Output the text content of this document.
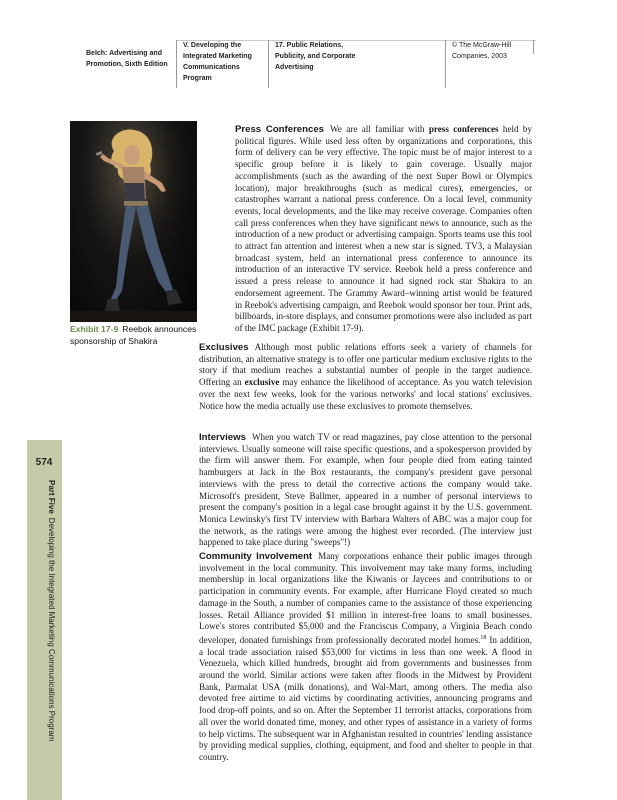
Belch: Advertising and
Promotion, Sixth Edition
V. Developing the
Integrated Marketing
Communications Program
17. Public Relations,
Publicity, and Corporate
Advertising
© The McGraw-Hill
Companies, 2003
Exhibit 17-9 Reebok announces sponsorship of Shakira
574
Part FiveDeveloping the Integrated Marketing Communications Program

Press Conferences We are all familiar with press conferences held by political figures. While used less often by organizations and corporations, this form of delivery can be very effective. The topic must be of major interest to a specific group before it is likely to gain coverage. Usually major accomplishments (such as the awarding of the next Super Bowl or Olympics location), major breakthroughs (such as medical cures), emergencies, or catastrophes warrant a national press conference. On a local level, community events, local developments, and the like may receive coverage. Companies often call press conferences when they have significant news to announce, such as the introduction of a new product or advertising campaign. Sports teams use this tool to attract fan attention and interest when a new star is signed. TV3, a Malaysian broadcast system, held an international press conference to announce its introduction of an interactive TV service. Reebok held a press conference and issued a press release to announce it had signed rock star Shakira to an endorsement agreement. The Grammy Award–winning artist would be featured in Reebok's advertising campaign, and Reebok would sponsor her tour. Print ads, billboards, in-store displays, and consumer promotions were also included as part of the IMC package (Exhibit 17-9).

Exclusives Although most public relations efforts seek a variety of channels for distribution, an alternative strategy is to offer one particular medium exclusive rights to the story if that medium reaches a substantial number of people in the target audience. Offering an exclusive may enhance the likelihood of acceptance. As you watch television over the next few weeks, look for the various networks' and local stations' exclusives. Notice how the media actually use these exclusives to promote themselves.

Interviews When you watch TV or read magazines, pay close attention to the personal interviews. Usually someone will raise specific questions, and a spokesperson provided by the firm will answer them. For example, when four people died from eating tainted hamburgers at Jack in the Box restaurants, the company's president gave personal interviews with the press to detail the corrective actions the company would take. Microsoft's president, Steve Ballmer, appeared in a number of personal interviews to present the company's position in a legal case brought against it by the U.S. government. Monica Lewinsky's first TV interview with Barbara Walters of ABC was a major coup for the network, as the ratings were among the highest ever recorded. (The interview just happened to take place during "sweeps"!)

Community Involvement Many corporations enhance their public images through involvement in the local community. This involvement may take many forms, including membership in local organizations like the Kiwanis or Jaycees and contributions to or participation in community events. For example, after Hurricane Floyd created so much damage in the South, a number of companies came to the assistance of those experiencing losses. Retail Alliance provided $1 million in interest-free loans to small businesses. Lowe's stores contributed $5,000 and the Franciscus Company, a Virginia Beach condo developer, donated furnishings from professionally decorated model homes.$^{18}$ In addition, a local trade association raised $53,000 for victims in less than one week. A flood in Venezuela, which killed hundreds, brought aid from governments and businesses from around the world. Similar actions were taken after floods in the Midwest by Provident Bank, Parmalat USA (milk donations), and Wal-Mart, among others. The media also devoted free airtime to aid victims by coordinating activities, announcing programs and food drop-off points, and so on. After the September 11 terrorist attacks, corporations from all over the world donated time, money, and other types of assistance in a variety of forms to help victims. The subsequent war in Afghanistan resulted in countries' lending assistance by providing medical supplies, clothing, equipment, and food and shelter to people in that country.
